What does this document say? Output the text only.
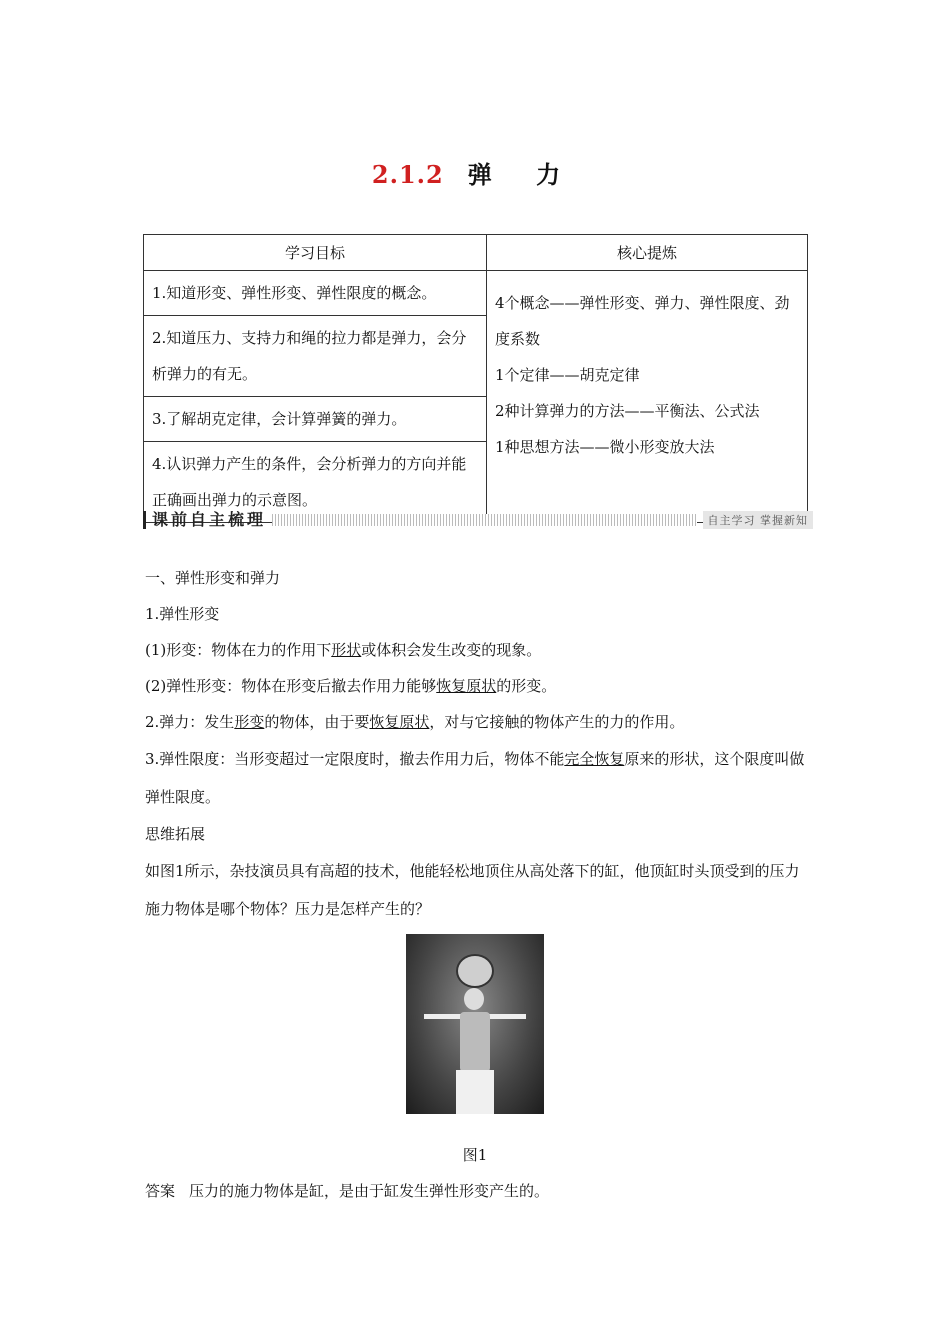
2.1.2 弹 力
学习目标	核心提炼
1.知道形变、弹性形变、弹性限度的概念。	4个概念——弹性形变、弹力、弹性限度、劲度系数
1个定律——胡克定律
2种计算弹力的方法——平衡法、公式法
1种思想方法——微小形变放大法

2.知道压力、支持力和绳的拉力都是弹力，会分析弹力的有无。	
3.了解胡克定律，会计算弹簧的弹力。	
4.认识弹力产生的条件，会分析弹力的方向并能正确画出弹力的示意图。	
课前自主梳理	自主学习 掌握新知

一、弹性形变和弹力

1.弹性形变

(1)形变：物体在力的作用下形状或体积会发生改变的现象。

(2)弹性形变：物体在形变后撤去作用力能够恢复原状的形变。

2.弹力：发生形变的物体，由于要恢复原状，对与它接触的物体产生的力的作用。

3.弹性限度：当形变超过一定限度时，撤去作用力后，物体不能完全恢复原来的形状，这个限度叫做弹性限度。

思维拓展

如图1所示，杂技演员具有高超的技术，他能轻松地顶住从高处落下的缸，他顶缸时头顶受到的压力施力物体是哪个物体？压力是怎样产生的？

图1
答案 压力的施力物体是缸，是由于缸发生弹性形变产生的。
